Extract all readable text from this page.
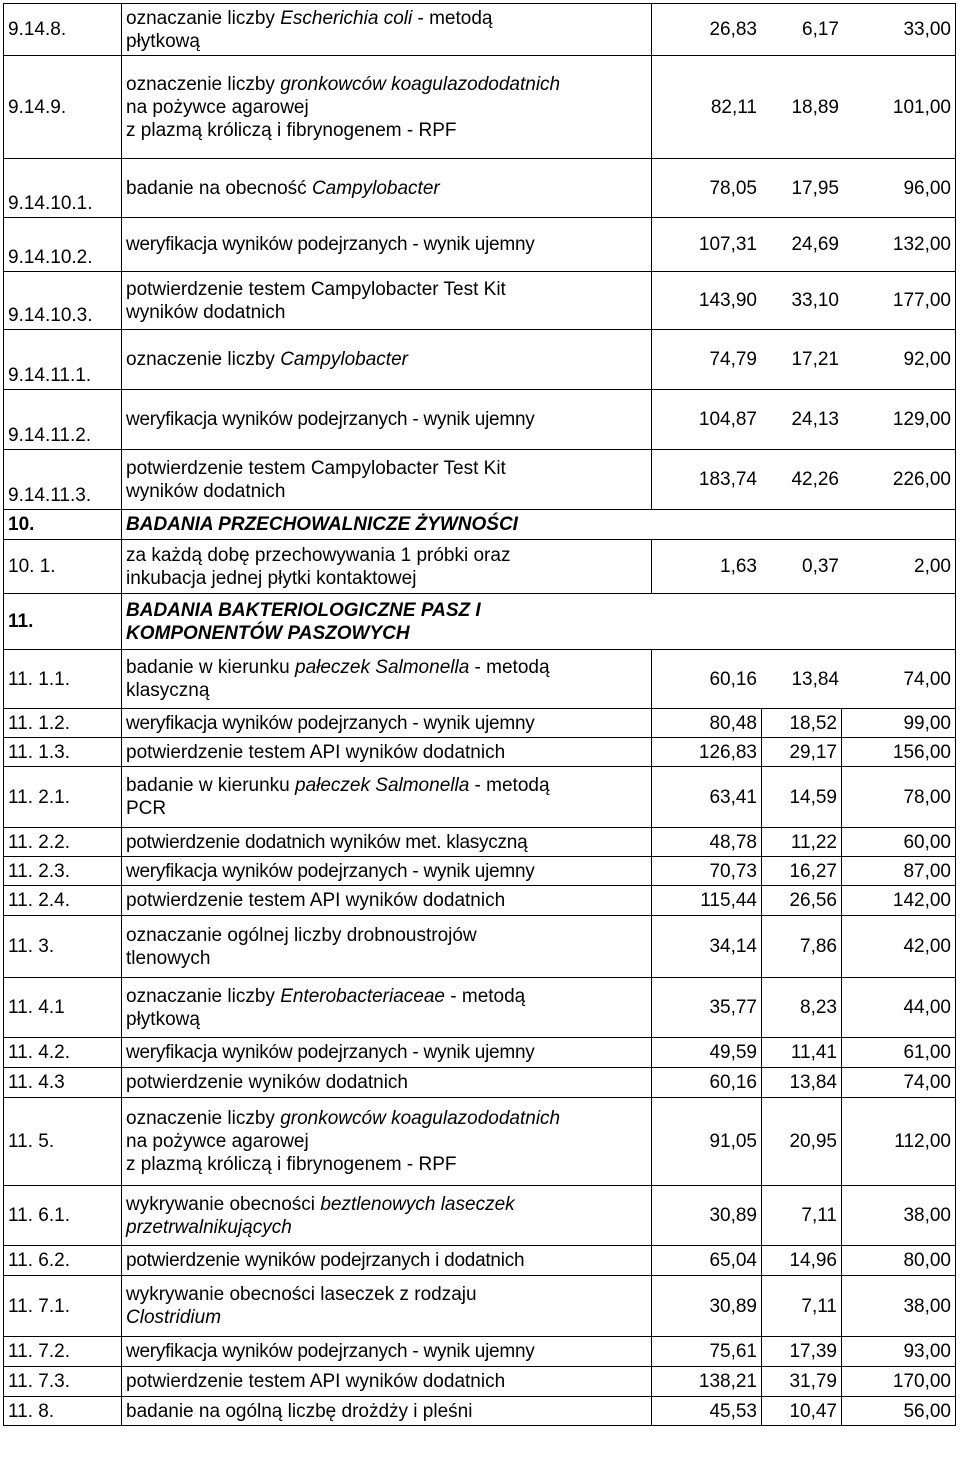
9.14.8.	oznaczanie liczby Escherichia coli - metodą
płytkową	26,83 6,17 33,00		

9.14.9.	oznaczenie liczby gronkowców koagulazododatnich
na pożywce agarowej
z plazmą króliczą i fibrynogenem - RPF	82,11 18,89 101,00		

9.14.10.1.	badanie na obecność Campylobacter	78,05 17,95 96,00		

9.14.10.2.	weryfikacja wyników podejrzanych - wynik ujemny	107,31 24,69 132,00		

9.14.10.3.	potwierdzenie testem Campylobacter Test Kit
wyników dodatnich	143,90 33,10 177,00		

9.14.11.1.	oznaczenie liczby Campylobacter	74,79 17,21 92,00		

9.14.11.2.	weryfikacja wyników podejrzanych - wynik ujemny	104,87 24,13 129,00		

9.14.11.3.	potwierdzenie testem Campylobacter Test Kit
wyników dodatnich	183,74 42,26 226,00		

10.	BADANIA PRZECHOWALNICZE ŻYWNOŚCI			
10. 1.	za każdą dobę przechowywania 1 próbki oraz
inkubacja jednej płytki kontaktowej	1,63 0,37 2,00		

11.	BADANIA BAKTERIOLOGICZNE PASZ I
KOMPONENTÓW PASZOWYCH			
11. 1.1.	badanie w kierunku pałeczek Salmonella - metodą
klasyczną	60,16 13,84 74,00		

11. 1.2.	weryfikacja wyników podejrzanych - wynik ujemny	80,48	18,52	99,00
11. 1.3.	potwierdzenie testem API wyników dodatnich	126,83	29,17	156,00
11. 2.1.	badanie w kierunku pałeczek Salmonella - metodą
PCR	63,41	14,59	78,00
11. 2.2.	potwierdzenie dodatnich wyników met. klasyczną	48,78	11,22	60,00
11. 2.3.	weryfikacja wyników podejrzanych - wynik ujemny	70,73	16,27	87,00
11. 2.4.	potwierdzenie testem API wyników dodatnich	115,44	26,56	142,00
11. 3.	oznaczanie ogólnej liczby drobnoustrojów
tlenowych	34,14	7,86	42,00
11. 4.1	oznaczanie liczby Enterobacteriaceae - metodą
płytkową	35,77	8,23	44,00
11. 4.2.	weryfikacja wyników podejrzanych - wynik ujemny	49,59	11,41	61,00
11. 4.3	potwierdzenie wyników dodatnich	60,16	13,84	74,00
11. 5.	oznaczenie liczby gronkowców koagulazododatnich
na pożywce agarowej
z plazmą króliczą i fibrynogenem - RPF	91,05	20,95	112,00
11. 6.1.	wykrywanie obecności beztlenowych laseczek
przetrwalnikujących	30,89	7,11	38,00
11. 6.2.	potwierdzenie wyników podejrzanych i dodatnich	65,04	14,96	80,00
11. 7.1.	wykrywanie obecności laseczek z rodzaju
Clostridium	30,89	7,11	38,00
11. 7.2.	weryfikacja wyników podejrzanych - wynik ujemny	75,61	17,39	93,00
11. 7.3.	potwierdzenie testem API wyników dodatnich	138,21	31,79	170,00
11. 8.	badanie na ogólną liczbę drożdży i pleśni	45,53	10,47	56,00
